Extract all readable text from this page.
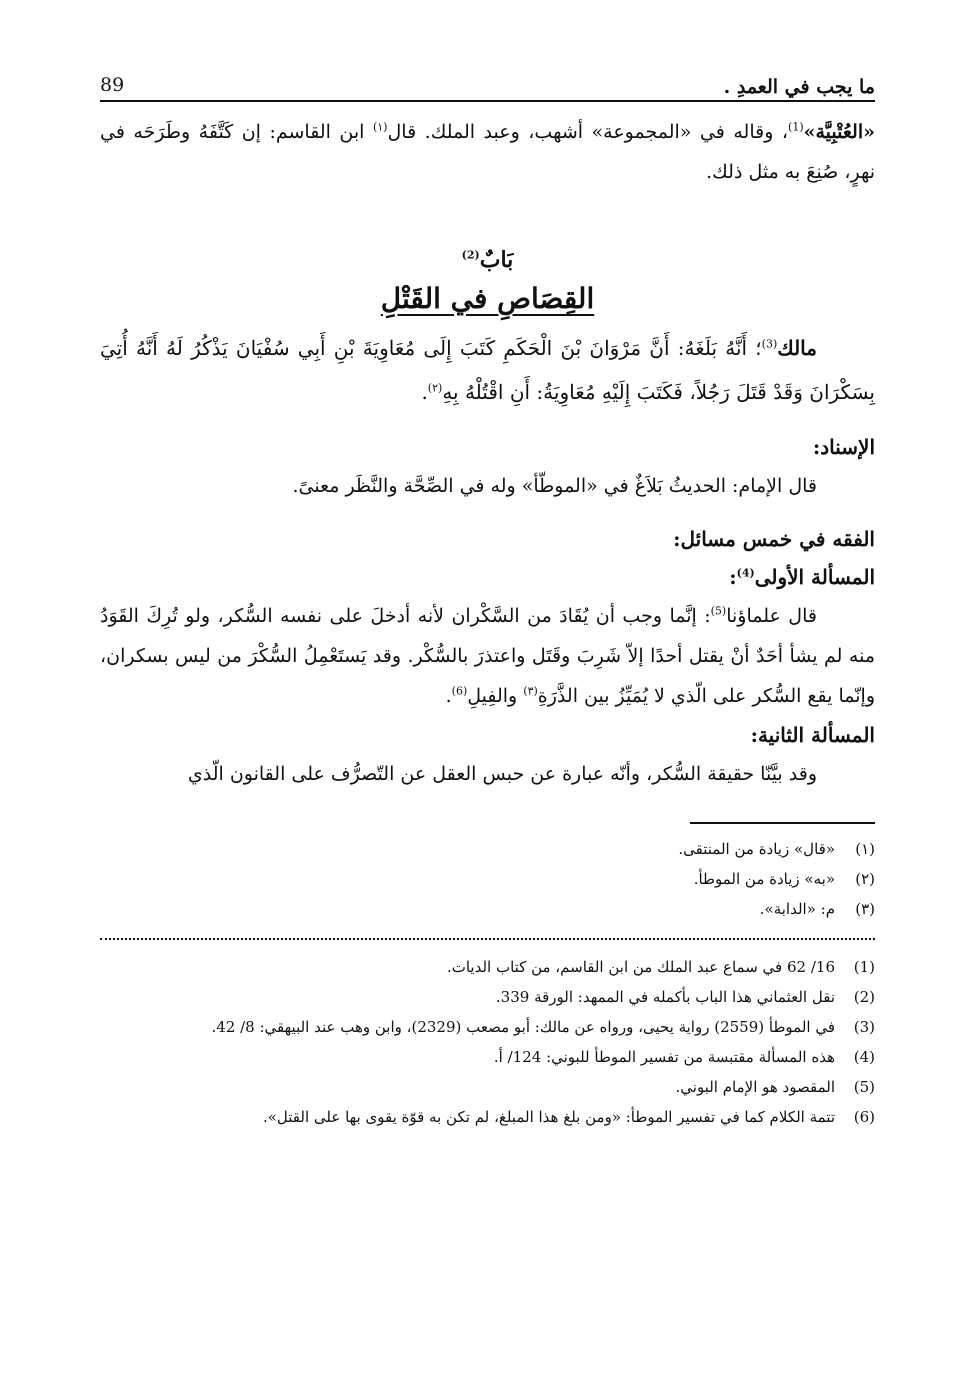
ما يجب في العمدِ .
89

«العُتْبِيَّة»$^{(1)}$، وقاله في «المجموعة» أشهب، وعبد الملك. قال$^{(١)}$ ابن القاسم: إن كَتَّفَهُ وطَرَحَه في نهرٍ، صُنِعَ به مثل ذلك.

بَابٌ$^{(2)}$
القِصَاصِ في القَتْلِ

مالك$^{(3)}$؛ أَنَّهُ بَلَغَهُ: أَنَّ مَرْوَانَ بْنَ الْحَكَمِ كَتَبَ إِلَى مُعَاوِيَةَ بْنِ أَبِي سُفْيَانَ يَذْكُرُ لَهُ أَنَّهُ أُتِيَ بِسَكْرَانَ وَقَدْ قَتَلَ رَجُلاً، فَكَتَبَ إِلَيْهِ مُعَاوِيَةُ: أَنِ اقْتُلْهُ بِهِ$^{(٢)}$.

الإسناد:

قال الإمام: الحديثُ بَلاَغٌ في «الموطّأ» وله في الصِّحَّة والنَّظَر معنىً.

الفقه في خمس مسائل:

المسألة الأولى$^{(4)}$:

قال علماؤنا$^{(5)}$: إنَّما وجب أن يُقَادَ من السَّكْران لأنه أدخلَ على نفسه السُّكر، ولو تُرِكَ القَوَدُ منه لم يشأ أحَدٌ أنْ يقتل أحدًا إلاّ شَرِبَ وقَتَل واعتذرَ بالسُّكْر. وقد يَستَعْمِلُ السُّكْرَ من ليس بسكران، وإنّما يقع السُّكر على الّذي لا يُمَيِّزُ بين الذَّرَةِ$^{(٣)}$ والفِيلِ$^{(6)}$.

المسألة الثانية:

وقد بيَّنّا حقيقة السُّكر، وأنّه عبارة عن حبس العقل عن التّصرُّف على القانون الّذي

(١)
«قال» زيادة من المنتقى.
(٢)
«به» زيادة من الموطأ.
(٣)
م: «الدابة».
(1)
16/ 62 في سماع عبد الملك من ابن القاسم، من كتاب الديات.
(2)
نقل العثماني هذا الباب بأكمله في الممهد: الورقة 339.
(3)
في الموطأ (2559) رواية يحيى، ورواه عن مالك: أبو مصعب (2329)، وابن وهب عند البيهقي: 8/ 42.
(4)
هذه المسألة مقتبسة من تفسير الموطأ للبوني: 124/ أ.
(5)
المقصود هو الإمام البوني.
(6)
تتمة الكلام كما في تفسير الموطأ: «ومن بلغ هذا المبلغ، لم تكن به قوّة يقوى بها على القتل».
